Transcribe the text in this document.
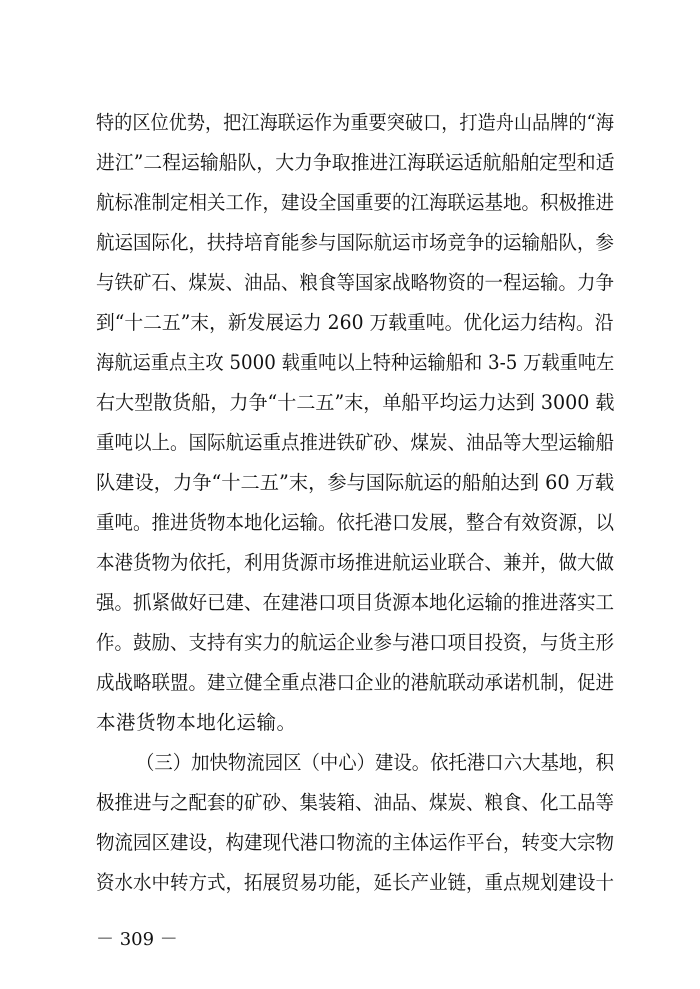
特的区位优势，把江海联运作为重要突破口，打造舟山品牌的“海
进江”二程运输船队，大力争取推进江海联运适航船舶定型和适
航标准制定相关工作，建设全国重要的江海联运基地。积极推进
航运国际化，扶持培育能参与国际航运市场竞争的运输船队，参
与铁矿石、煤炭、油品、粮食等国家战略物资的一程运输。力争
到“十二五”末，新发展运力 260 万载重吨。优化运力结构。沿
海航运重点主攻 5000 载重吨以上特种运输船和 3-5 万载重吨左
右大型散货船，力争“十二五”末，单船平均运力达到 3000 载
重吨以上。国际航运重点推进铁矿砂、煤炭、油品等大型运输船
队建设，力争“十二五”末，参与国际航运的船舶达到 60 万载
重吨。推进货物本地化运输。依托港口发展，整合有效资源，以
本港货物为依托，利用货源市场推进航运业联合、兼并，做大做
强。抓紧做好已建、在建港口项目货源本地化运输的推进落实工
作。鼓励、支持有实力的航运企业参与港口项目投资，与货主形
成战略联盟。建立健全重点港口企业的港航联动承诺机制，促进
本港货物本地化运输。
（三）加快物流园区（中心）建设。依托港口六大基地，积
极推进与之配套的矿砂、集装箱、油品、煤炭、粮食、化工品等
物流园区建设，构建现代港口物流的主体运作平台，转变大宗物
资水水中转方式，拓展贸易功能，延长产业链，重点规划建设十
－ 309 －
